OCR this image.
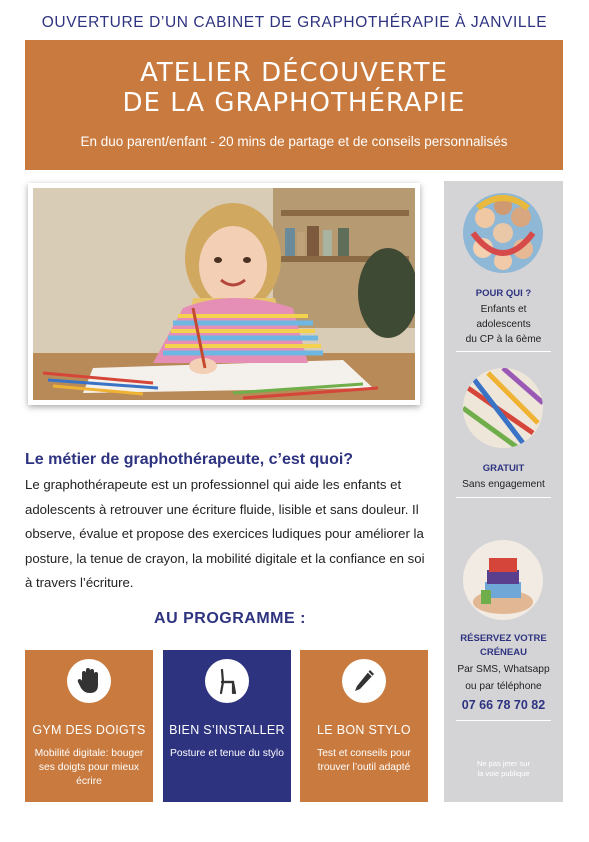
OUVERTURE D’UN CABINET DE GRAPHOTHÉRAPIE À JANVILLE
ATELIER DÉCOUVERTE
DE LA GRAPHOTHÉRAPIE
En duo parent/enfant - 20 mins de partage et de conseils personnalisés
Le métier de graphothérapeute, c’est quoi?
Le graphothérapeute est un professionnel qui aide les enfants et adolescents à retrouver une écriture fluide, lisible et sans douleur. Il observe, évalue et propose des exercices ludiques pour améliorer la posture, la tenue de crayon, la mobilité digitale et la confiance en soi à travers l’écriture.
AU PROGRAMME :
GYM DES DOIGTS
Mobilité digitale: bouger ses doigts pour mieux écrire
BIEN S’INSTALLER
Posture et tenue du stylo
LE BON STYLO
Test et conseils pour trouver l’outil adapté
POUR QUI ?
Enfants et
adolescents
du CP à la 6ème
GRATUIT
Sans engagement
RÉSERVEZ VOTRE
CRÉNEAU
Par SMS, Whatsapp
ou par téléphone
07 66 78 70 82
Ne pas jeter sur
la voie publique
